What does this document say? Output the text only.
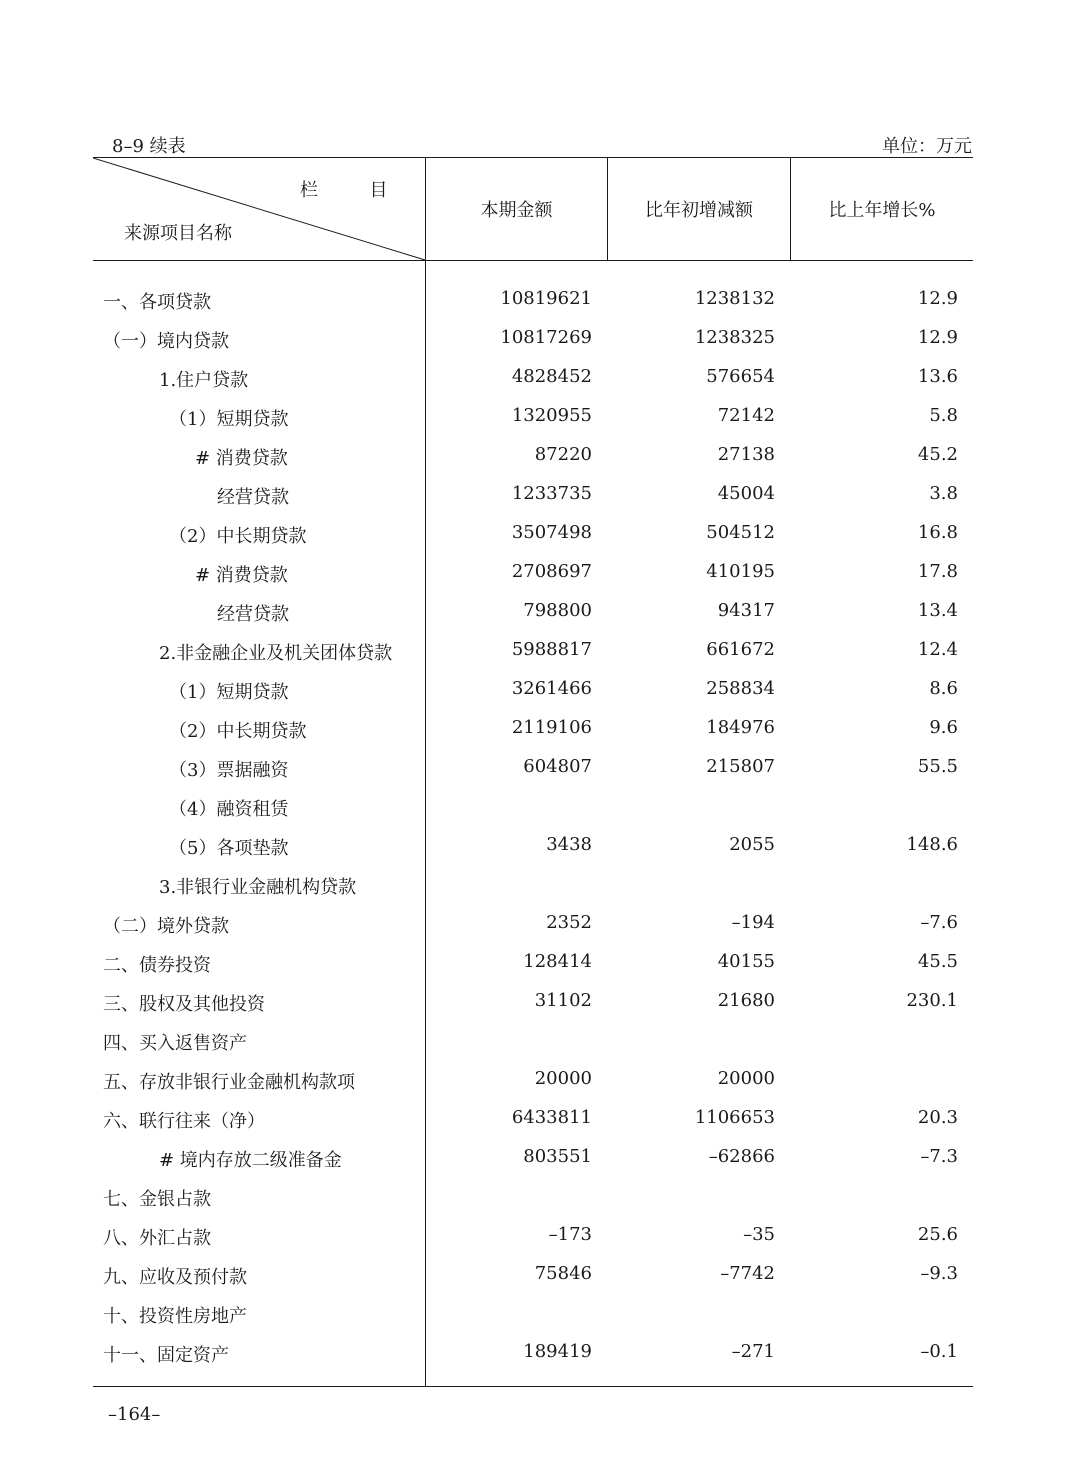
8–9 续表	单位：万元
栏	目
来源项目名称
本期金额	比年初增减额	比上年增长%
一、各项贷款	10819621	1238132	12.9
（一）境内贷款	10817269	1238325	12.9
1.住户贷款	4828452	576654	13.6
（1）短期贷款	1320955	72142	5.8
# 消费贷款	87220	27138	45.2
经营贷款	1233735	45004	3.8
（2）中长期贷款	3507498	504512	16.8
# 消费贷款	2708697	410195	17.8
经营贷款	798800	94317	13.4
2.非金融企业及机关团体贷款	5988817	661672	12.4
（1）短期贷款	3261466	258834	8.6
（2）中长期贷款	2119106	184976	9.6
（3）票据融资	604807	215807	55.5
（4）融资租赁
（5）各项垫款	3438	2055	148.6
3.非银行业金融机构贷款
（二）境外贷款	2352	–194	–7.6
二、债券投资	128414	40155	45.5
三、股权及其他投资	31102	21680	230.1
四、买入返售资产
五、存放非银行业金融机构款项	20000	20000
六、联行往来（净）	6433811	1106653	20.3
# 境内存放二级准备金	803551	–62866	–7.3
七、金银占款
八、外汇占款	–173	–35	25.6
九、应收及预付款	75846	–7742	–9.3
十、投资性房地产
十一、固定资产	189419	–271	–0.1
–164–
